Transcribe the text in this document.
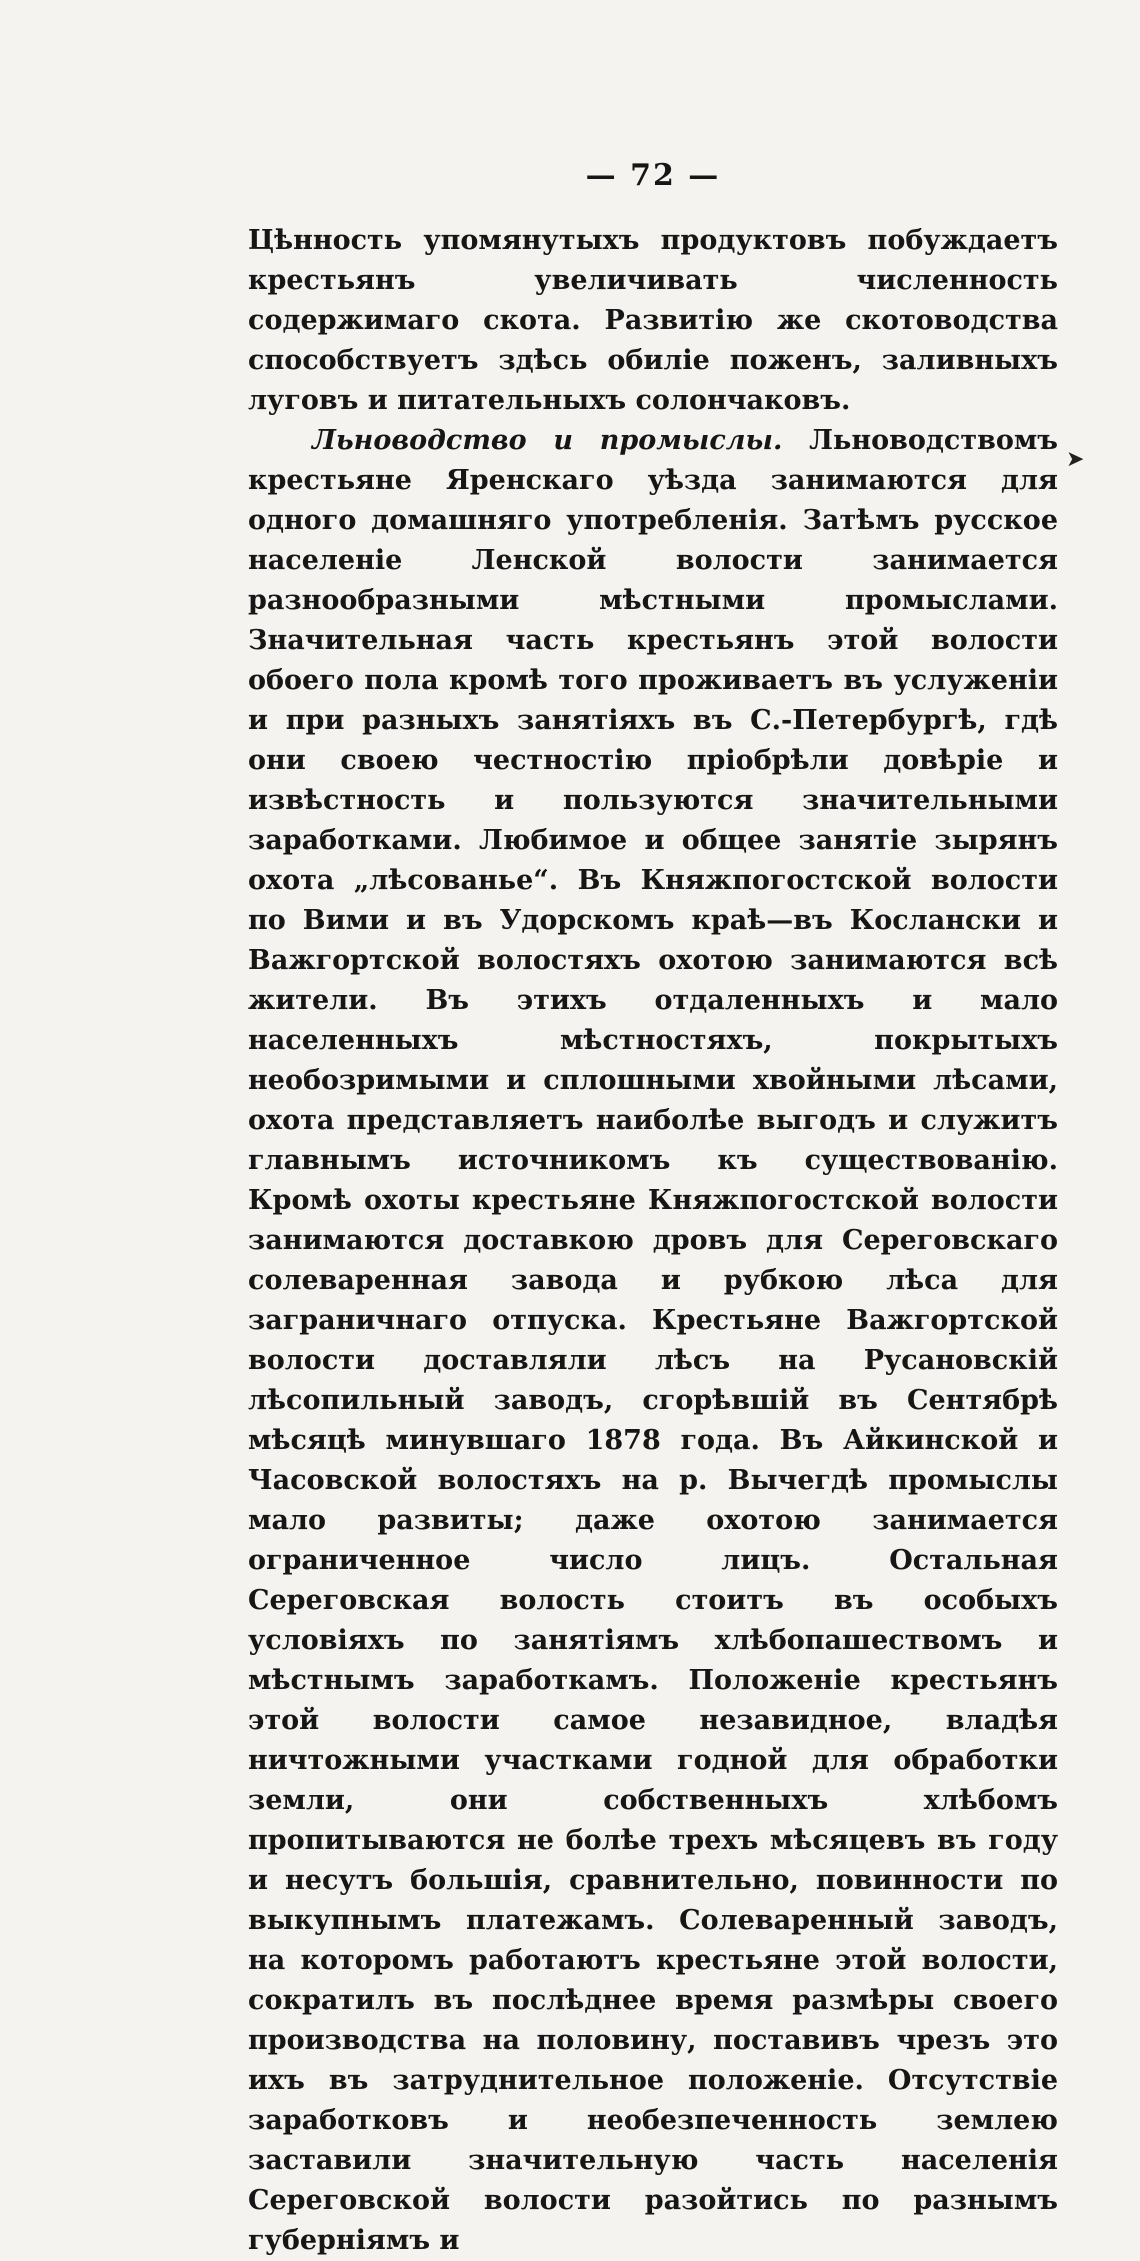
— 72 —

Цѣнность упомянутыхъ продуктовъ побуждаетъ крестьянъ увеличивать численность содержимаго скота. Развитію же скотоводства способствуетъ здѣсь обиліе поженъ, заливныхъ луговъ и питательныхъ солончаковъ.

Льноводство и промыслы. Льноводствомъ крестьяне Яренскаго уѣзда занимаются для одного домашняго употребленія. Затѣмъ русское населеніе Ленской волости занимается разнообразными мѣстными промыслами. Значительная часть крестьянъ этой волости обоего пола кромѣ того проживаетъ въ услуженіи и при разныхъ занятіяхъ въ С.-Петербургѣ, гдѣ они своею честностію пріобрѣли довѣріе и извѣстность и пользуются значительными заработками. Любимое и общее занятіе зырянъ охота „лѣсованье“. Въ Княжпогостской волости по Вими и въ Удорскомъ краѣ—въ Кослански и Важгортской волостяхъ охотою занимаются всѣ жители. Въ этихъ отдаленныхъ и мало населенныхъ мѣстностяхъ, покрытыхъ необозримыми и сплошными хвойными лѣсами, охота представляетъ наиболѣе выгодъ и служитъ главнымъ источникомъ къ существованію. Кромѣ охоты крестьяне Княжпогостской волости занимаются доставкою дровъ для Сереговскаго солеваренная завода и рубкою лѣса для заграничнаго отпуска. Крестьяне Важгортской волости доставляли лѣсъ на Русановскій лѣсопильный заводъ, сгорѣвшій въ Сентябрѣ мѣсяцѣ минувшаго 1878 года. Въ Айкинской и Часовской волостяхъ на р. Вычегдѣ промыслы мало развиты; даже охотою занимается ограниченное число лицъ. Остальная Сереговская волость стоитъ въ особыхъ условіяхъ по занятіямъ хлѣбопашествомъ и мѣстнымъ заработкамъ. Положеніе крестьянъ этой волости самое незавидное, владѣя ничтожными участками годной для обработки земли, они собственныхъ хлѣбомъ пропитываются не болѣе трехъ мѣсяцевъ въ году и несутъ большія, сравнительно, повинности по выкупнымъ платежамъ. Солеваренный заводъ, на которомъ работаютъ крестьяне этой волости, сократилъ въ послѣднее время размѣры своего производства на половину, поставивъ чрезъ это ихъ въ затруднительное положеніе. Отсутствіе заработковъ и необезпеченность землею заставили значительную часть населенія Сереговской волости разойтись по разнымъ губерніямъ и

➤
